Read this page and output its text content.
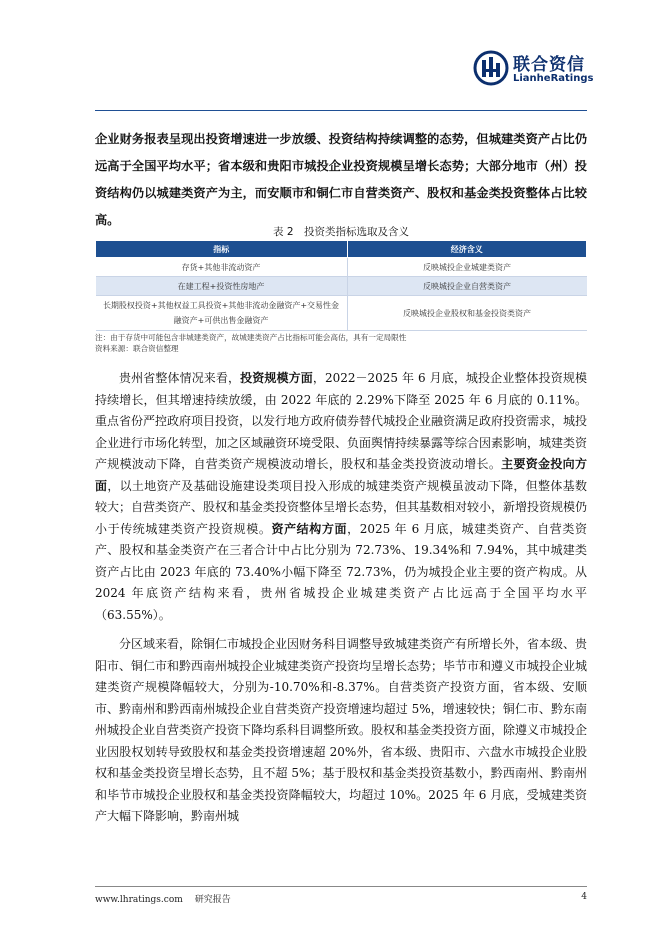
联合资信
LianheRatings
企业财务报表呈现出投资增速进一步放缓、投资结构持续调整的态势，但城建类资产占比仍远高于全国平均水平；省本级和贵阳市城投企业投资规模呈增长态势；大部分地市（州）投资结构仍以城建类资产为主，而安顺市和铜仁市自营类资产、股权和基金类投资整体占比较高。
表 2　投资类指标选取及含义
指标	经济含义
存货+其他非流动资产	反映城投企业城建类资产
在建工程+投资性房地产	反映城投企业自营类资产
长期股权投资+其他权益工具投资+其他非流动金融资产+交易性金融资产+可供出售金融资产	反映城投企业股权和基金投资类资产
注：由于存货中可能包含非城建类资产，故城建类资产占比指标可能会高估，具有一定局限性
资料来源：联合资信整理
贵州省整体情况来看，投资规模方面，2022－2025 年 6 月底，城投企业整体投资规模持续增长，但其增速持续放缓，由 2022 年底的 2.29%下降至 2025 年 6 月底的 0.11%。重点省份严控政府项目投资，以发行地方政府债券替代城投企业融资满足政府投资需求，城投企业进行市场化转型，加之区域融资环境受限、负面舆情持续暴露等综合因素影响，城建类资产规模波动下降，自营类资产规模波动增长，股权和基金类投资波动增长。主要资金投向方面，以土地资产及基础设施建设类项目投入形成的城建类资产规模虽波动下降，但整体基数较大；自营类资产、股权和基金类投资整体呈增长态势，但其基数相对较小，新增投资规模仍小于传统城建类资产投资规模。资产结构方面，2025 年 6 月底，城建类资产、自营类资产、股权和基金类资产在三者合计中占比分别为 72.73%、19.34%和 7.94%，其中城建类资产占比由 2023 年底的 73.40%小幅下降至 72.73%，仍为城投企业主要的资产构成。从 2024 年底资产结构来看，贵州省城投企业城建类资产占比远高于全国平均水平（63.55%）。
分区域来看，除铜仁市城投企业因财务科目调整导致城建类资产有所增长外，省本级、贵阳市、铜仁市和黔西南州城投企业城建类资产投资均呈增长态势；毕节市和遵义市城投企业城建类资产规模降幅较大，分别为-10.70%和-8.37%。自营类资产投资方面，省本级、安顺市、黔南州和黔西南州城投企业自营类资产投资增速均超过 5%，增速较快；铜仁市、黔东南州城投企业自营类资产投资下降均系科目调整所致。股权和基金类投资方面，除遵义市城投企业因股权划转导致股权和基金类投资增速超 20%外，省本级、贵阳市、六盘水市城投企业股权和基金类投资呈增长态势，且不超 5%；基于股权和基金类投资基数小，黔西南州、黔南州和毕节市城投企业股权和基金类投资降幅较大，均超过 10%。2025 年 6 月底，受城建类资产大幅下降影响，黔南州城
www.lhratings.com 研究报告	4
